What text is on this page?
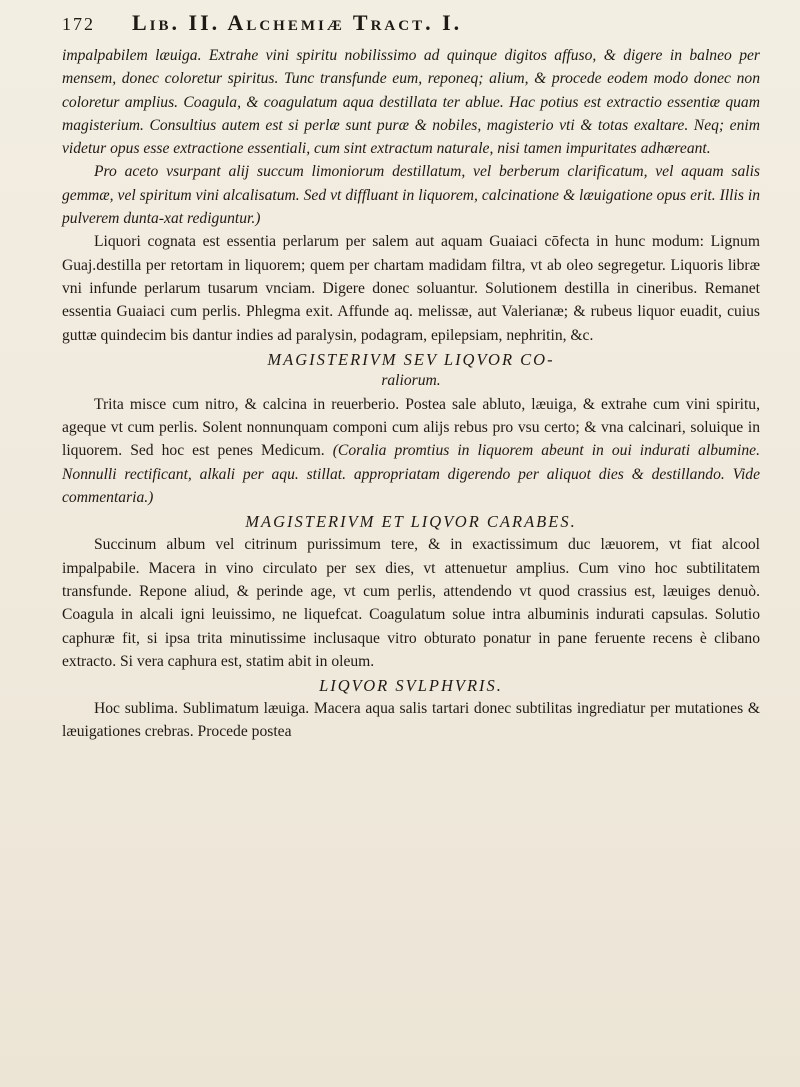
172	Lib. II. Alchemiæ Tract. I.

impalpabilem læuiga. Extrahe vini spiritu nobilissimo ad quinque digitos affuso, & digere in balneo per mensem, donec coloretur spiritus. Tunc transfunde eum, reponeq; alium, & procede eodem modo donec non coloretur amplius. Coagula, & coagulatum aqua destillata ter ablue. Hac potius est extractio essentiæ quam magisterium. Consultius autem est si perlæ sunt puræ & nobiles, magisterio vti & totas exaltare. Neq; enim videtur opus esse extractione essentiali, cum sint extractum naturale, nisi tamen impuritates adhæreant.

Pro aceto vsurpant alij succum limoniorum destillatum, vel berberum clarificatum, vel aquam salis gemmæ, vel spiritum vini alcalisatum. Sed vt diffluant in liquorem, calcinatione & læuigatione opus erit. Illis in pulverem dunta-xat rediguntur.)

Liquori cognata est essentia perlarum per salem aut aquam Guaiaci cōfecta in hunc modum: Lignum Guaj.destilla per retortam in liquorem; quem per chartam madidam filtra, vt ab oleo segregetur. Liquoris libræ vni infunde perlarum tusarum vnciam. Digere donec soluantur. Solutionem destilla in cineribus. Remanet essentia Guaiaci cum perlis. Phlegma exit. Affunde aq. melissæ, aut Valerianæ; & rubeus liquor euadit, cuius guttæ quindecim bis dantur indies ad paralysin, podagram, epilepsiam, nephritin, &c.

MAGISTERIVM SEV LIQVOR CO-
raliorum.

Trita misce cum nitro, & calcina in reuerberio. Postea sale abluto, læuiga, & extrahe cum vini spiritu, ageque vt cum perlis. Solent nonnunquam componi cum alijs rebus pro vsu certo; & vna calcinari, soluique in liquorem. Sed hoc est penes Medicum. (Coralia promtius in liquorem abeunt in oui indurati albumine. Nonnulli rectificant, alkali per aqu. stillat. appropriatam digerendo per aliquot dies & destillando. Vide commentaria.)

MAGISTERIVM ET LIQVOR CARABES.

Succinum album vel citrinum purissimum tere, & in exactissimum duc læuorem, vt fiat alcool impalpabile. Macera in vino circulato per sex dies, vt attenuetur amplius. Cum vino hoc subtilitatem transfunde. Repone aliud, & perinde age, vt cum perlis, attendendo vt quod crassius est, læuiges denuò. Coagula in alcali igni leuissimo, ne liquefcat. Coagulatum solue intra albuminis indurati capsulas. Solutio caphuræ fit, si ipsa trita minutissime inclusaque vitro obturato ponatur in pane feruente recens è clibano extracto. Si vera caphura est, statim abit in oleum.

LIQVOR SVLPHVRIS.

Hoc sublima. Sublimatum læuiga. Macera aqua salis tartari donec subtilitas ingrediatur per mutationes & læuigationes crebras. Procede postea
